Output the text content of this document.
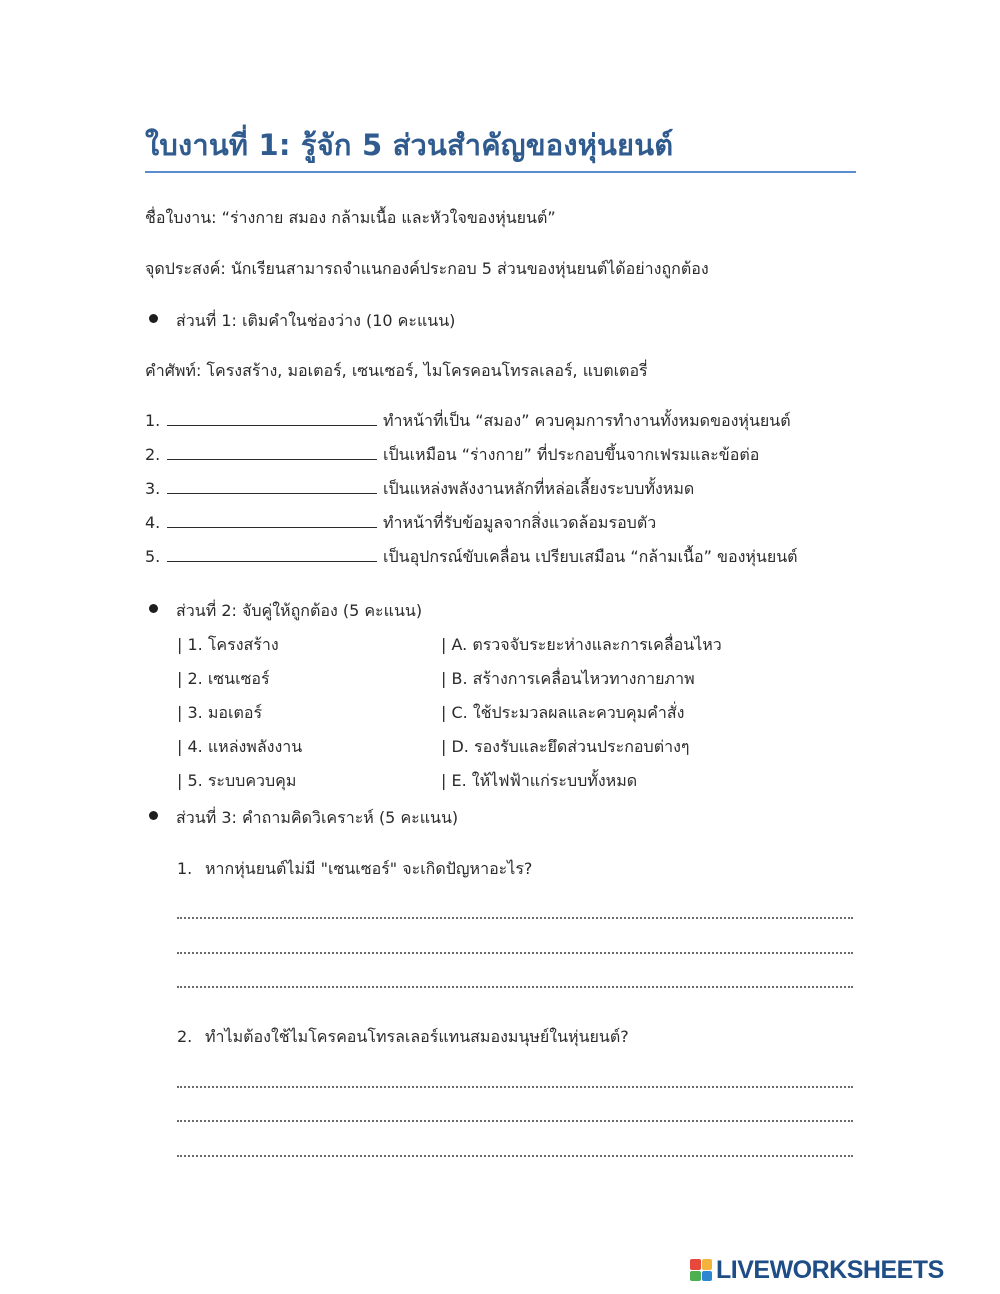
ใบงานที่ 1: รู้จัก 5 ส่วนสำคัญของหุ่นยนต์
ชื่อใบงาน: “ร่างกาย สมอง กล้ามเนื้อ และหัวใจของหุ่นยนต์”
จุดประสงค์: นักเรียนสามารถจำแนกองค์ประกอบ 5 ส่วนของหุ่นยนต์ได้อย่างถูกต้อง
ส่วนที่ 1: เติมคำในช่องว่าง (10 คะแนน)
คำศัพท์: โครงสร้าง, มอเตอร์, เซนเซอร์, ไมโครคอนโทรลเลอร์, แบตเตอรี่
1.	ทำหน้าที่เป็น “สมอง” ควบคุมการทำงานทั้งหมดของหุ่นยนต์
2.	เป็นเหมือน “ร่างกาย” ที่ประกอบขึ้นจากเฟรมและข้อต่อ
3.	เป็นแหล่งพลังงานหลักที่หล่อเลี้ยงระบบทั้งหมด
4.	ทำหน้าที่รับข้อมูลจากสิ่งแวดล้อมรอบตัว
5.	เป็นอุปกรณ์ขับเคลื่อน เปรียบเสมือน “กล้ามเนื้อ” ของหุ่นยนต์
ส่วนที่ 2: จับคู่ให้ถูกต้อง (5 คะแนน)
| 1. โครงสร้าง	| A. ตรวจจับระยะห่างและการเคลื่อนไหว
| 2. เซนเซอร์	| B. สร้างการเคลื่อนไหวทางกายภาพ
| 3. มอเตอร์	| C. ใช้ประมวลผลและควบคุมคำสั่ง
| 4. แหล่งพลังงาน	| D. รองรับและยึดส่วนประกอบต่างๆ
| 5. ระบบควบคุม	| E. ให้ไฟฟ้าแก่ระบบทั้งหมด
ส่วนที่ 3: คำถามคิดวิเคราะห์ (5 คะแนน)
1. หากหุ่นยนต์ไม่มี "เซนเซอร์" จะเกิดปัญหาอะไร?
2. ทำไมต้องใช้ไมโครคอนโทรลเลอร์แทนสมองมนุษย์ในหุ่นยนต์?
LIVEWORKSHEETS
